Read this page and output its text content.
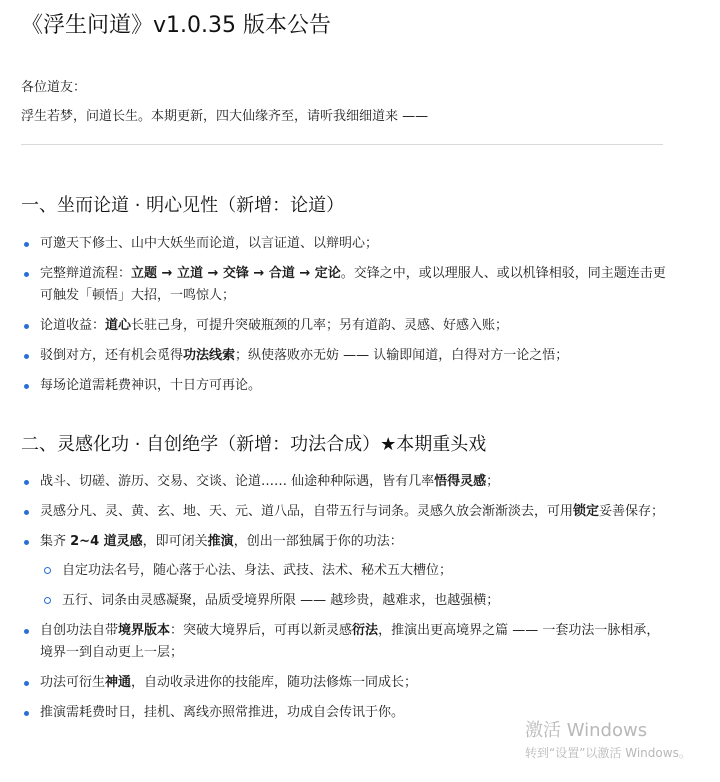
《浮生问道》v1.0.35 版本公告
各位道友：
浮生若梦，问道长生。本期更新，四大仙缘齐至，请听我细细道来 ——
一、坐而论道 · 明心见性（新增：论道）
可邀天下修士、山中大妖坐而论道，以言证道、以辩明心；
完整辩道流程：立题 → 立道 → 交锋 → 合道 → 定论。交锋之中，或以理服人、或以机锋相驳，同主题连击更可触发「顿悟」大招，一鸣惊人；
论道收益：道心长驻己身，可提升突破瓶颈的几率；另有道韵、灵感、好感入账；
驳倒对方，还有机会觅得功法线索；纵使落败亦无妨 —— 认输即闻道，白得对方一论之悟；
每场论道需耗费神识，十日方可再论。
二、灵感化功 · 自创绝学（新增：功法合成）★本期重头戏
战斗、切磋、游历、交易、交谈、论道…… 仙途种种际遇，皆有几率悟得灵感；
灵感分凡、灵、黄、玄、地、天、元、道八品，自带五行与词条。灵感久放会渐渐淡去，可用锁定妥善保存；
集齐 2~4 道灵感，即可闭关推演，创出一部独属于你的功法：
自定功法名号，随心落于心法、身法、武技、法术、秘术五大槽位；
五行、词条由灵感凝聚，品质受境界所限 —— 越珍贵，越难求，也越强横；
自创功法自带境界版本：突破大境界后，可再以新灵感衍法，推演出更高境界之篇 —— 一套功法一脉相承，境界一到自动更上一层；
功法可衍生神通，自动收录进你的技能库，随功法修炼一同成长；
推演需耗费时日，挂机、离线亦照常推进，功成自会传讯于你。

激活 Windows
转到“设置”以激活 Windows。
